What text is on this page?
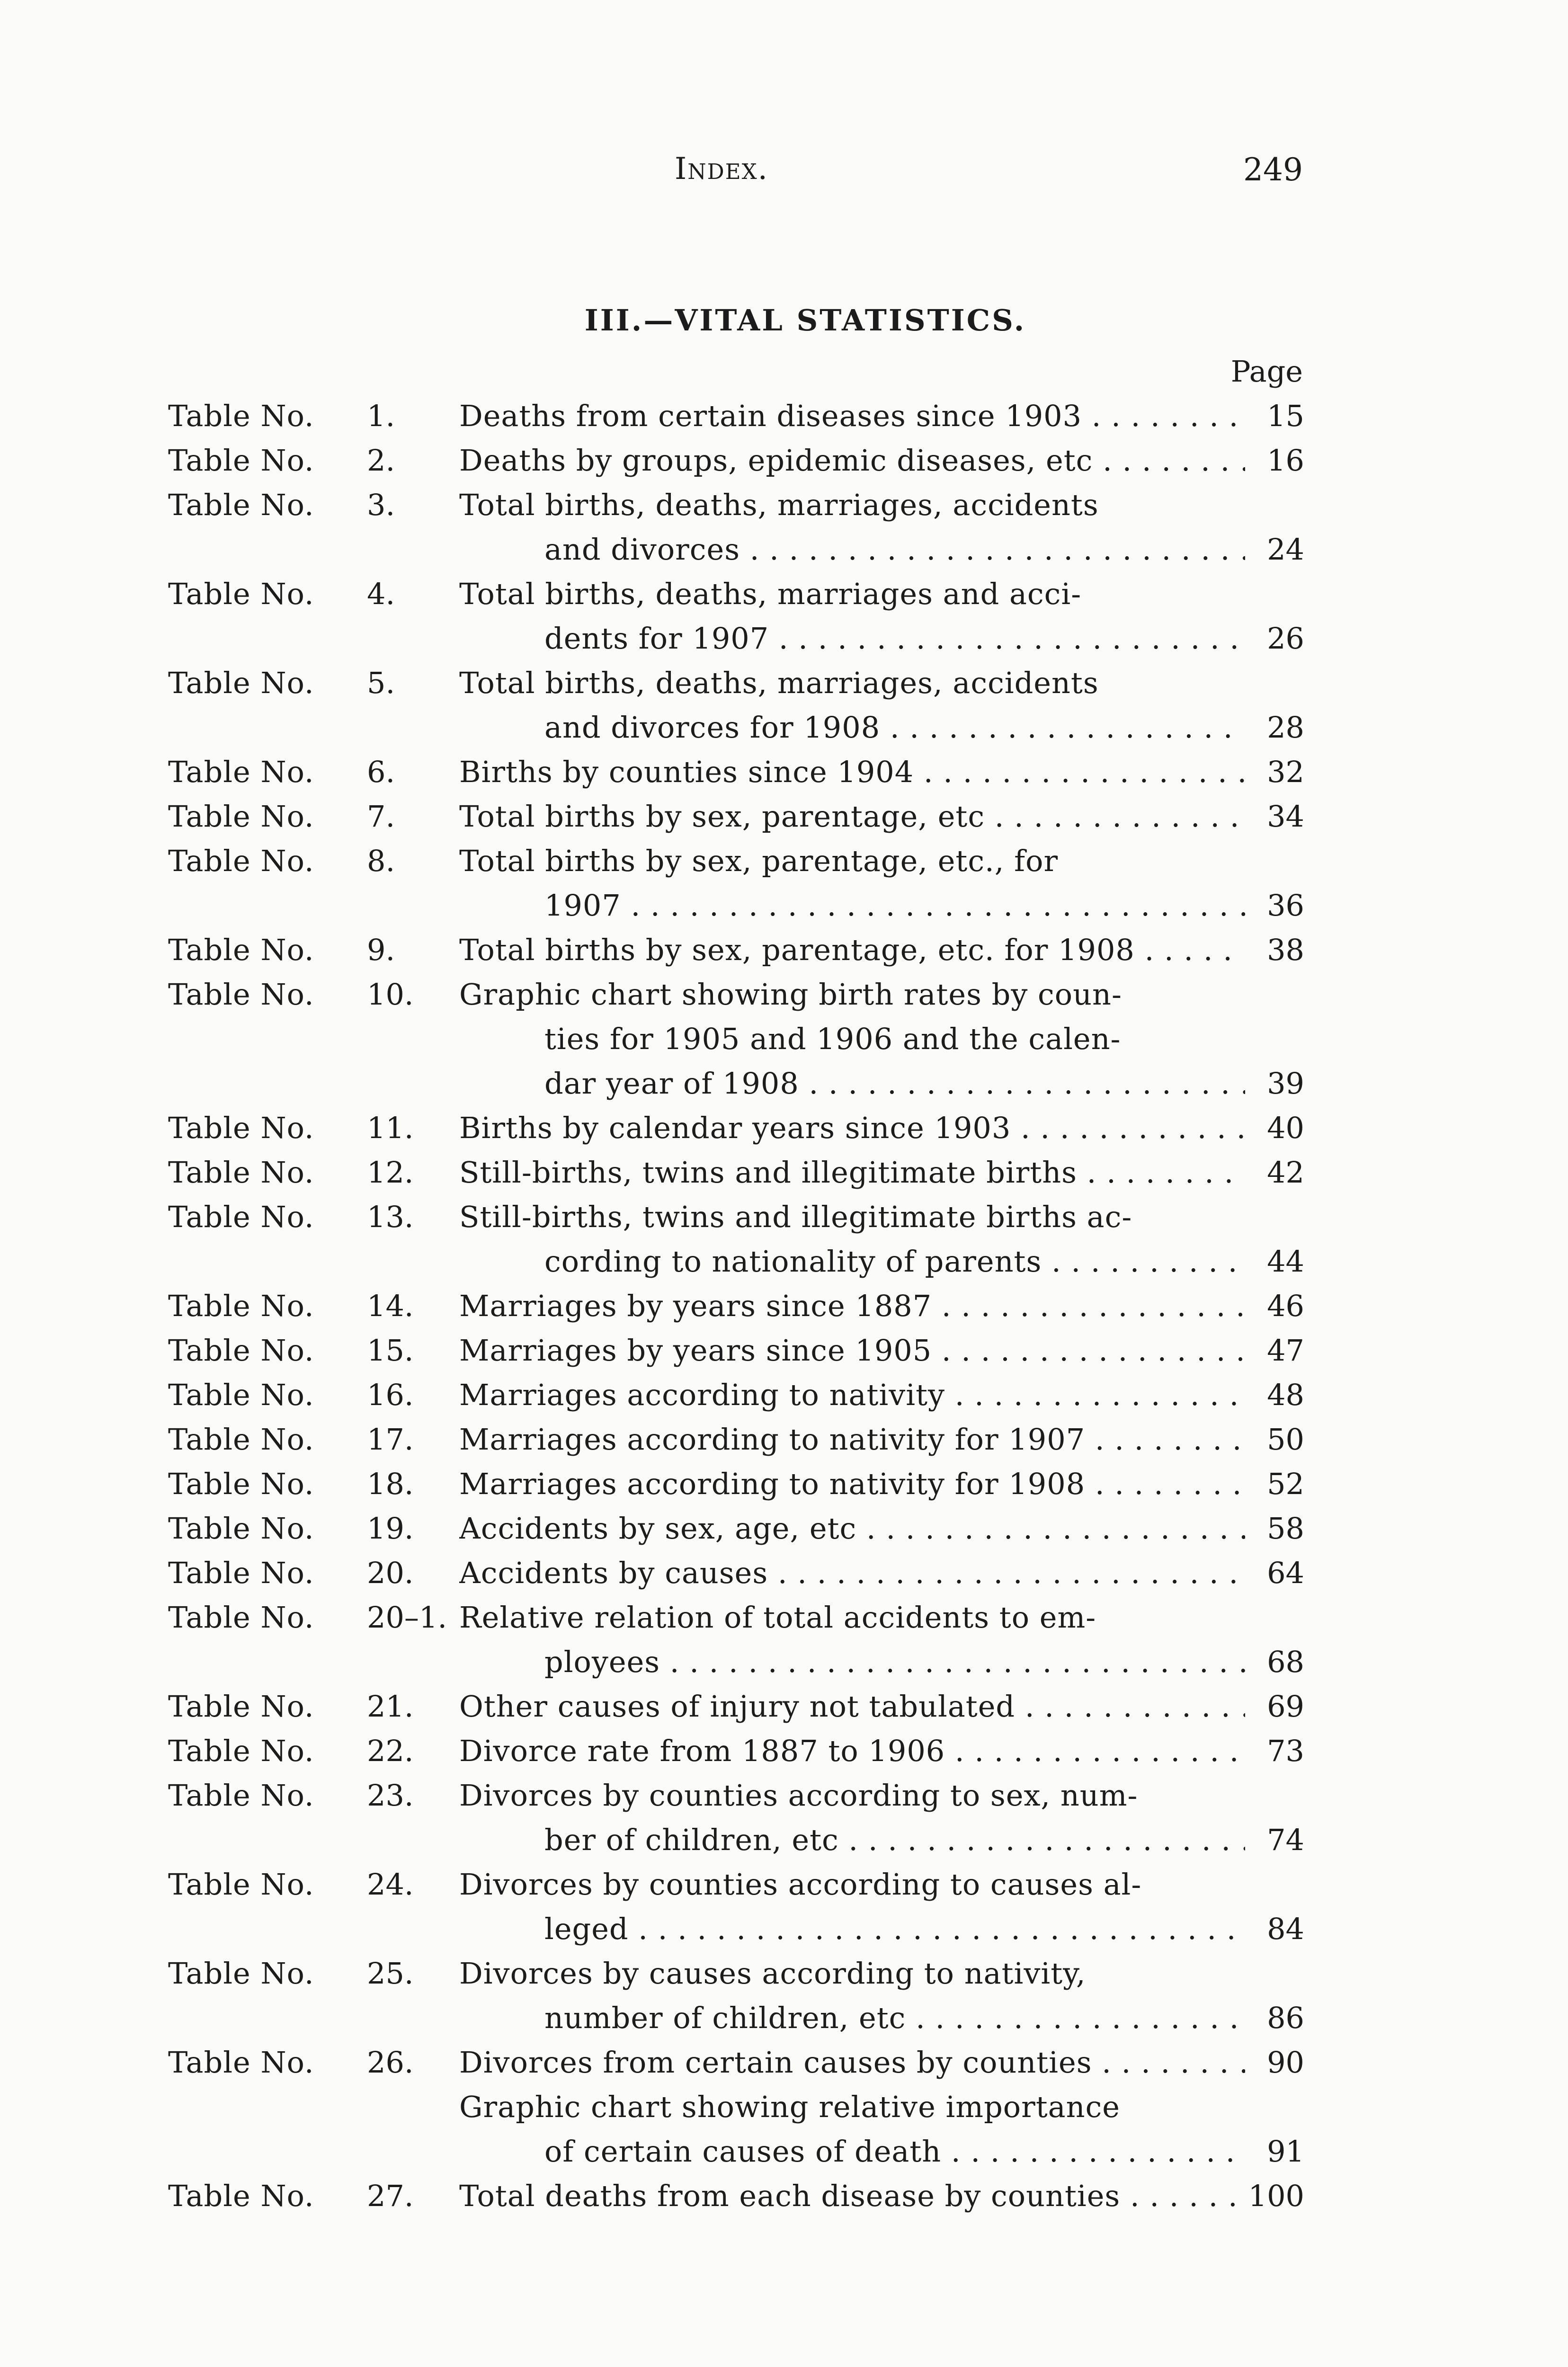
Index.	249
III.—VITAL STATISTICS.
Page
Table No.	1.	Deaths from certain diseases since 1903 . . .	15
Table No.	2.	Deaths by groups, epidemic diseases, etc . . .	16
Table No.	3.	Total births, deaths, marriages, accidents
and divorces . . .	24
Table No.	4.	Total births, deaths, marriages and acci-
dents for 1907 . . .	26
Table No.	5.	Total births, deaths, marriages, accidents
and divorces for 1908 . . .	28
Table No.	6.	Births by counties since 1904 . . .	32
Table No.	7.	Total births by sex, parentage, etc . . .	34
Table No.	8.	Total births by sex, parentage, etc., for
1907 . . .	36
Table No.	9.	Total births by sex, parentage, etc. for 1908 . . .	38
Table No.	10.	Graphic chart showing birth rates by coun-
ties for 1905 and 1906 and the calen-
dar year of 1908 . . .	39
Table No.	11.	Births by calendar years since 1903 . . .	40
Table No.	12.	Still-births, twins and illegitimate births . . .	42
Table No.	13.	Still-births, twins and illegitimate births ac-
cording to nationality of parents . . .	44
Table No.	14.	Marriages by years since 1887 . . .	46
Table No.	15.	Marriages by years since 1905 . . .	47
Table No.	16.	Marriages according to nativity . . .	48
Table No.	17.	Marriages according to nativity for 1907 . . .	50
Table No.	18.	Marriages according to nativity for 1908 . . .	52
Table No.	19.	Accidents by sex, age, etc . . .	58
Table No.	20.	Accidents by causes . . .	64
Table No.	20–1. Relative relation of total accidents to em-
ployees . . .	68
Table No.	21.	Other causes of injury not tabulated . . .	69
Table No.	22.	Divorce rate from 1887 to 1906 . . .	73
Table No.	23.	Divorces by counties according to sex, num-
ber of children, etc . . .	74
Table No.	24.	Divorces by counties according to causes al-
leged . . .	84
Table No.	25.	Divorces by causes according to nativity,
number of children, etc . . .	86
Table No.	26.	Divorces from certain causes by counties . . .	90
Graphic chart showing relative importance
of certain causes of death . . .	91
Table No.	27.	Total deaths from each disease by counties . . .	100
